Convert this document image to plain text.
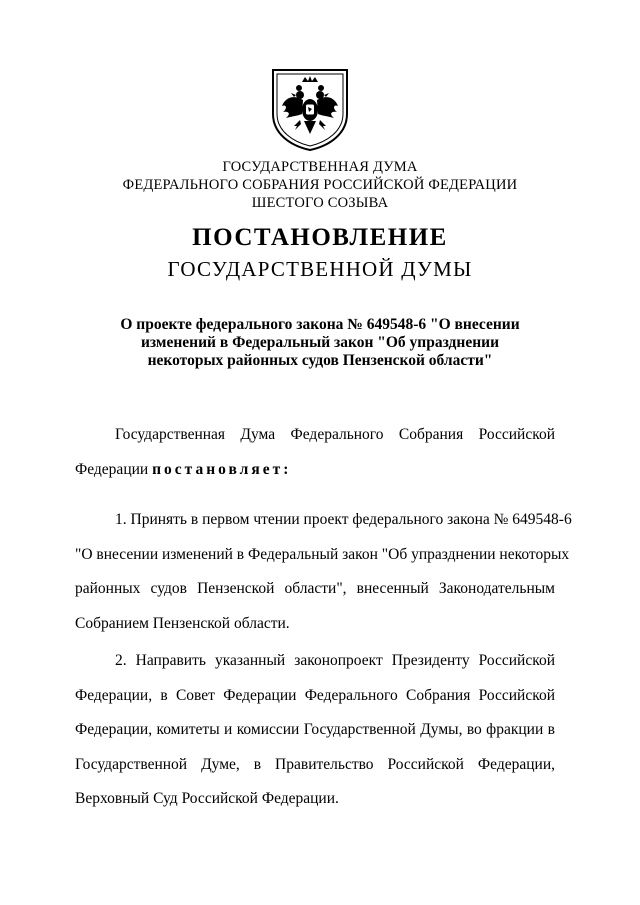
ГОСУДАРСТВЕННАЯ ДУМА
ФЕДЕРАЛЬНОГО СОБРАНИЯ РОССИЙСКОЙ ФЕДЕРАЦИИ
ШЕСТОГО СОЗЫВА
ПОСТАНОВЛЕНИЕ
ГОСУДАРСТВЕННОЙ ДУМЫ
О проекте федерального закона № 649548-6 "О внесении
изменений в Федеральный закон "Об упразднении
некоторых районных судов Пензенской области"
Государственная Дума Федерального Собрания Российской
Федерации постановляет:
1. Принять в первом чтении проект федерального закона № 649548-6
"О внесении изменений в Федеральный закон "Об упразднении некоторых
районных судов Пензенской области", внесенный Законодательным
Собранием Пензенской области.
2. Направить указанный законопроект Президенту Российской
Федерации, в Совет Федерации Федерального Собрания Российской
Федерации, комитеты и комиссии Государственной Думы, во фракции в
Государственной Думе, в Правительство Российской Федерации,
Верховный Суд Российской Федерации.
